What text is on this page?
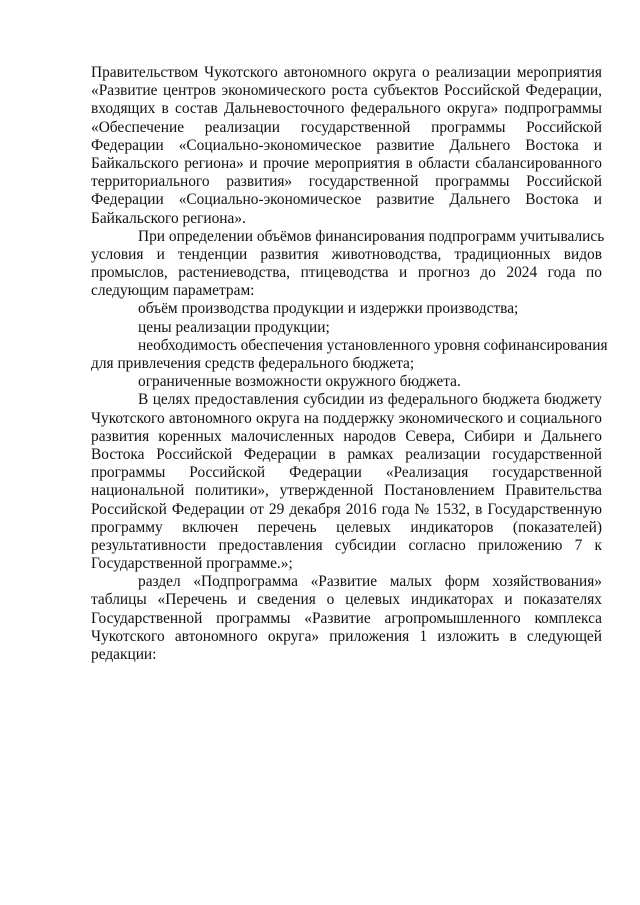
Правительством Чукотского автономного округа о реализации мероприятия
«Развитие центров экономического роста субъектов Российской Федерации,
входящих в состав Дальневосточного федерального округа» подпрограммы
«Обеспечение реализации государственной программы Российской
Федерации «Социально-экономическое развитие Дальнего Востока и
Байкальского региона» и прочие мероприятия в области сбалансированного
территориального развития» государственной программы Российской
Федерации «Социально-экономическое развитие Дальнего Востока и
Байкальского региона».
При определении объёмов финансирования подпрограмм учитывались
условия и тенденции развития животноводства, традиционных видов
промыслов, растениеводства, птицеводства и прогноз до 2024 года по
следующим параметрам:
объём производства продукции и издержки производства;
цены реализации продукции;
необходимость обеспечения установленного уровня софинансирования
для привлечения средств федерального бюджета;
ограниченные возможности окружного бюджета.
В целях предоставления субсидии из федерального бюджета бюджету
Чукотского автономного округа на поддержку экономического и социального
развития коренных малочисленных народов Севера, Сибири и Дальнего
Востока Российской Федерации в рамках реализации государственной
программы Российской Федерации «Реализация государственной
национальной политики», утвержденной Постановлением Правительства
Российской Федерации от 29 декабря 2016 года № 1532, в Государственную
программу включен перечень целевых индикаторов (показателей)
результативности предоставления субсидии согласно приложению 7 к
Государственной программе.»;
раздел «Подпрограмма «Развитие малых форм хозяйствования»
таблицы «Перечень и сведения о целевых индикаторах и показателях
Государственной программы «Развитие агропромышленного комплекса
Чукотского автономного округа» приложения 1 изложить в следующей
редакции:
